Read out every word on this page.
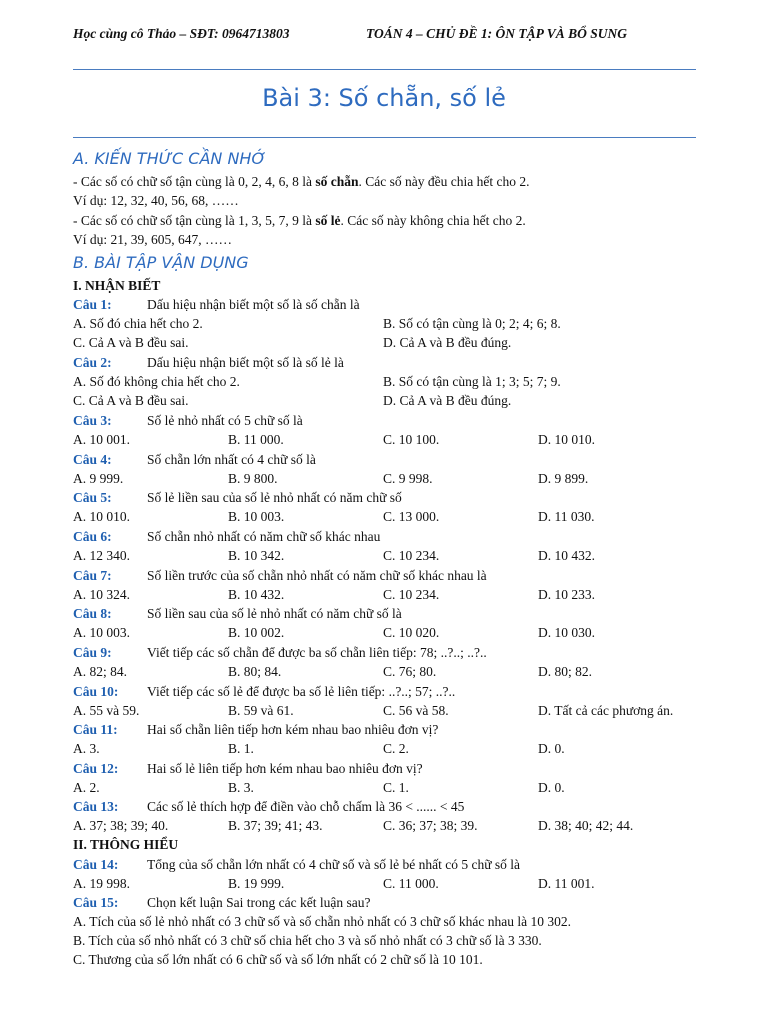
Học cùng cô Thảo – SĐT: 0964713803	TOÁN 4 – CHỦ ĐỀ 1: ÔN TẬP VÀ BỔ SUNG
Bài 3: Số chẵn, số lẻ
A. KIẾN THỨC CẦN NHỚ
- Các số có chữ số tận cùng là 0, 2, 4, 6, 8 là số chẵn. Các số này đều chia hết cho 2.
Ví dụ: 12, 32, 40, 56, 68, ……
- Các số có chữ số tận cùng là 1, 3, 5, 7, 9 là số lẻ. Các số này không chia hết cho 2.
Ví dụ: 21, 39, 605, 647, ……
B. BÀI TẬP VẬN DỤNG
I. NHẬN BIẾT
II. THÔNG HIỂU
Câu 1:	Dấu hiệu nhận biết một số là số chẵn là
A. Số đó chia hết cho 2.	B. Số có tận cùng là 0; 2; 4; 6; 8.
C. Cả A và B đều sai.	D. Cả A và B đều đúng.
Câu 2:	Dấu hiệu nhận biết một số là số lẻ là
A. Số đó không chia hết cho 2.	B. Số có tận cùng là 1; 3; 5; 7; 9.
C. Cả A và B đều sai.	D. Cả A và B đều đúng.
Câu 3:	Số lẻ nhỏ nhất có 5 chữ số là
A. 10 001.	B. 11 000.	C. 10 100.	D. 10 010.
Câu 4:	Số chẵn lớn nhất có 4 chữ số là
A. 9 999.	B. 9 800.	C. 9 998.	D. 9 899.
Câu 5:	Số lẻ liền sau của số lẻ nhỏ nhất có năm chữ số
A. 10 010.	B. 10 003.	C. 13 000.	D. 11 030.
Câu 6:	Số chẵn nhỏ nhất có năm chữ số khác nhau
A. 12 340.	B. 10 342.	C. 10 234.	D. 10 432.
Câu 7:	Số liền trước của số chẵn nhỏ nhất có năm chữ số khác nhau là
A. 10 324.	B. 10 432.	C. 10 234.	D. 10 233.
Câu 8:	Số liền sau của số lẻ nhỏ nhất có năm chữ số là
A. 10 003.	B. 10 002.	C. 10 020.	D. 10 030.
Câu 9:	Viết tiếp các số chẵn để được ba số chẵn liên tiếp: 78; ..?..; ..?..
A. 82; 84.	B. 80; 84.	C. 76; 80.	D. 80; 82.
Câu 10: Viết tiếp các số lẻ để được ba số lẻ liên tiếp: ..?..; 57; ..?..
A. 55 và 59.	B. 59 và 61.	C. 56 và 58.	D. Tất cả các phương án.
Câu 11: Hai số chẵn liên tiếp hơn kém nhau bao nhiêu đơn vị?
A. 3.	B. 1.	C. 2.	D. 0.
Câu 12: Hai số lẻ liên tiếp hơn kém nhau bao nhiêu đơn vị?
A. 2.	B. 3.	C. 1.	D. 0.
Câu 13: Các số lẻ thích hợp để điền vào chỗ chấm là 36 < ...... < 45
A. 37; 38; 39; 40.	B. 37; 39; 41; 43.	C. 36; 37; 38; 39.	D. 38; 40; 42; 44.
Câu 14: Tổng của số chẵn lớn nhất có 4 chữ số và số lẻ bé nhất có 5 chữ số là
A. 19 998.	B. 19 999.	C. 11 000.	D. 11 001.
Câu 15: Chọn kết luận Sai trong các kết luận sau?
A. Tích của số lẻ nhỏ nhất có 3 chữ số và số chẵn nhỏ nhất có 3 chữ số khác nhau là 10 302.
B. Tích của số nhỏ nhất có 3 chữ số chia hết cho 3 và số nhỏ nhất có 3 chữ số là 3 330.
C. Thương của số lớn nhất có 6 chữ số và số lớn nhất có 2 chữ số là 10 101.
